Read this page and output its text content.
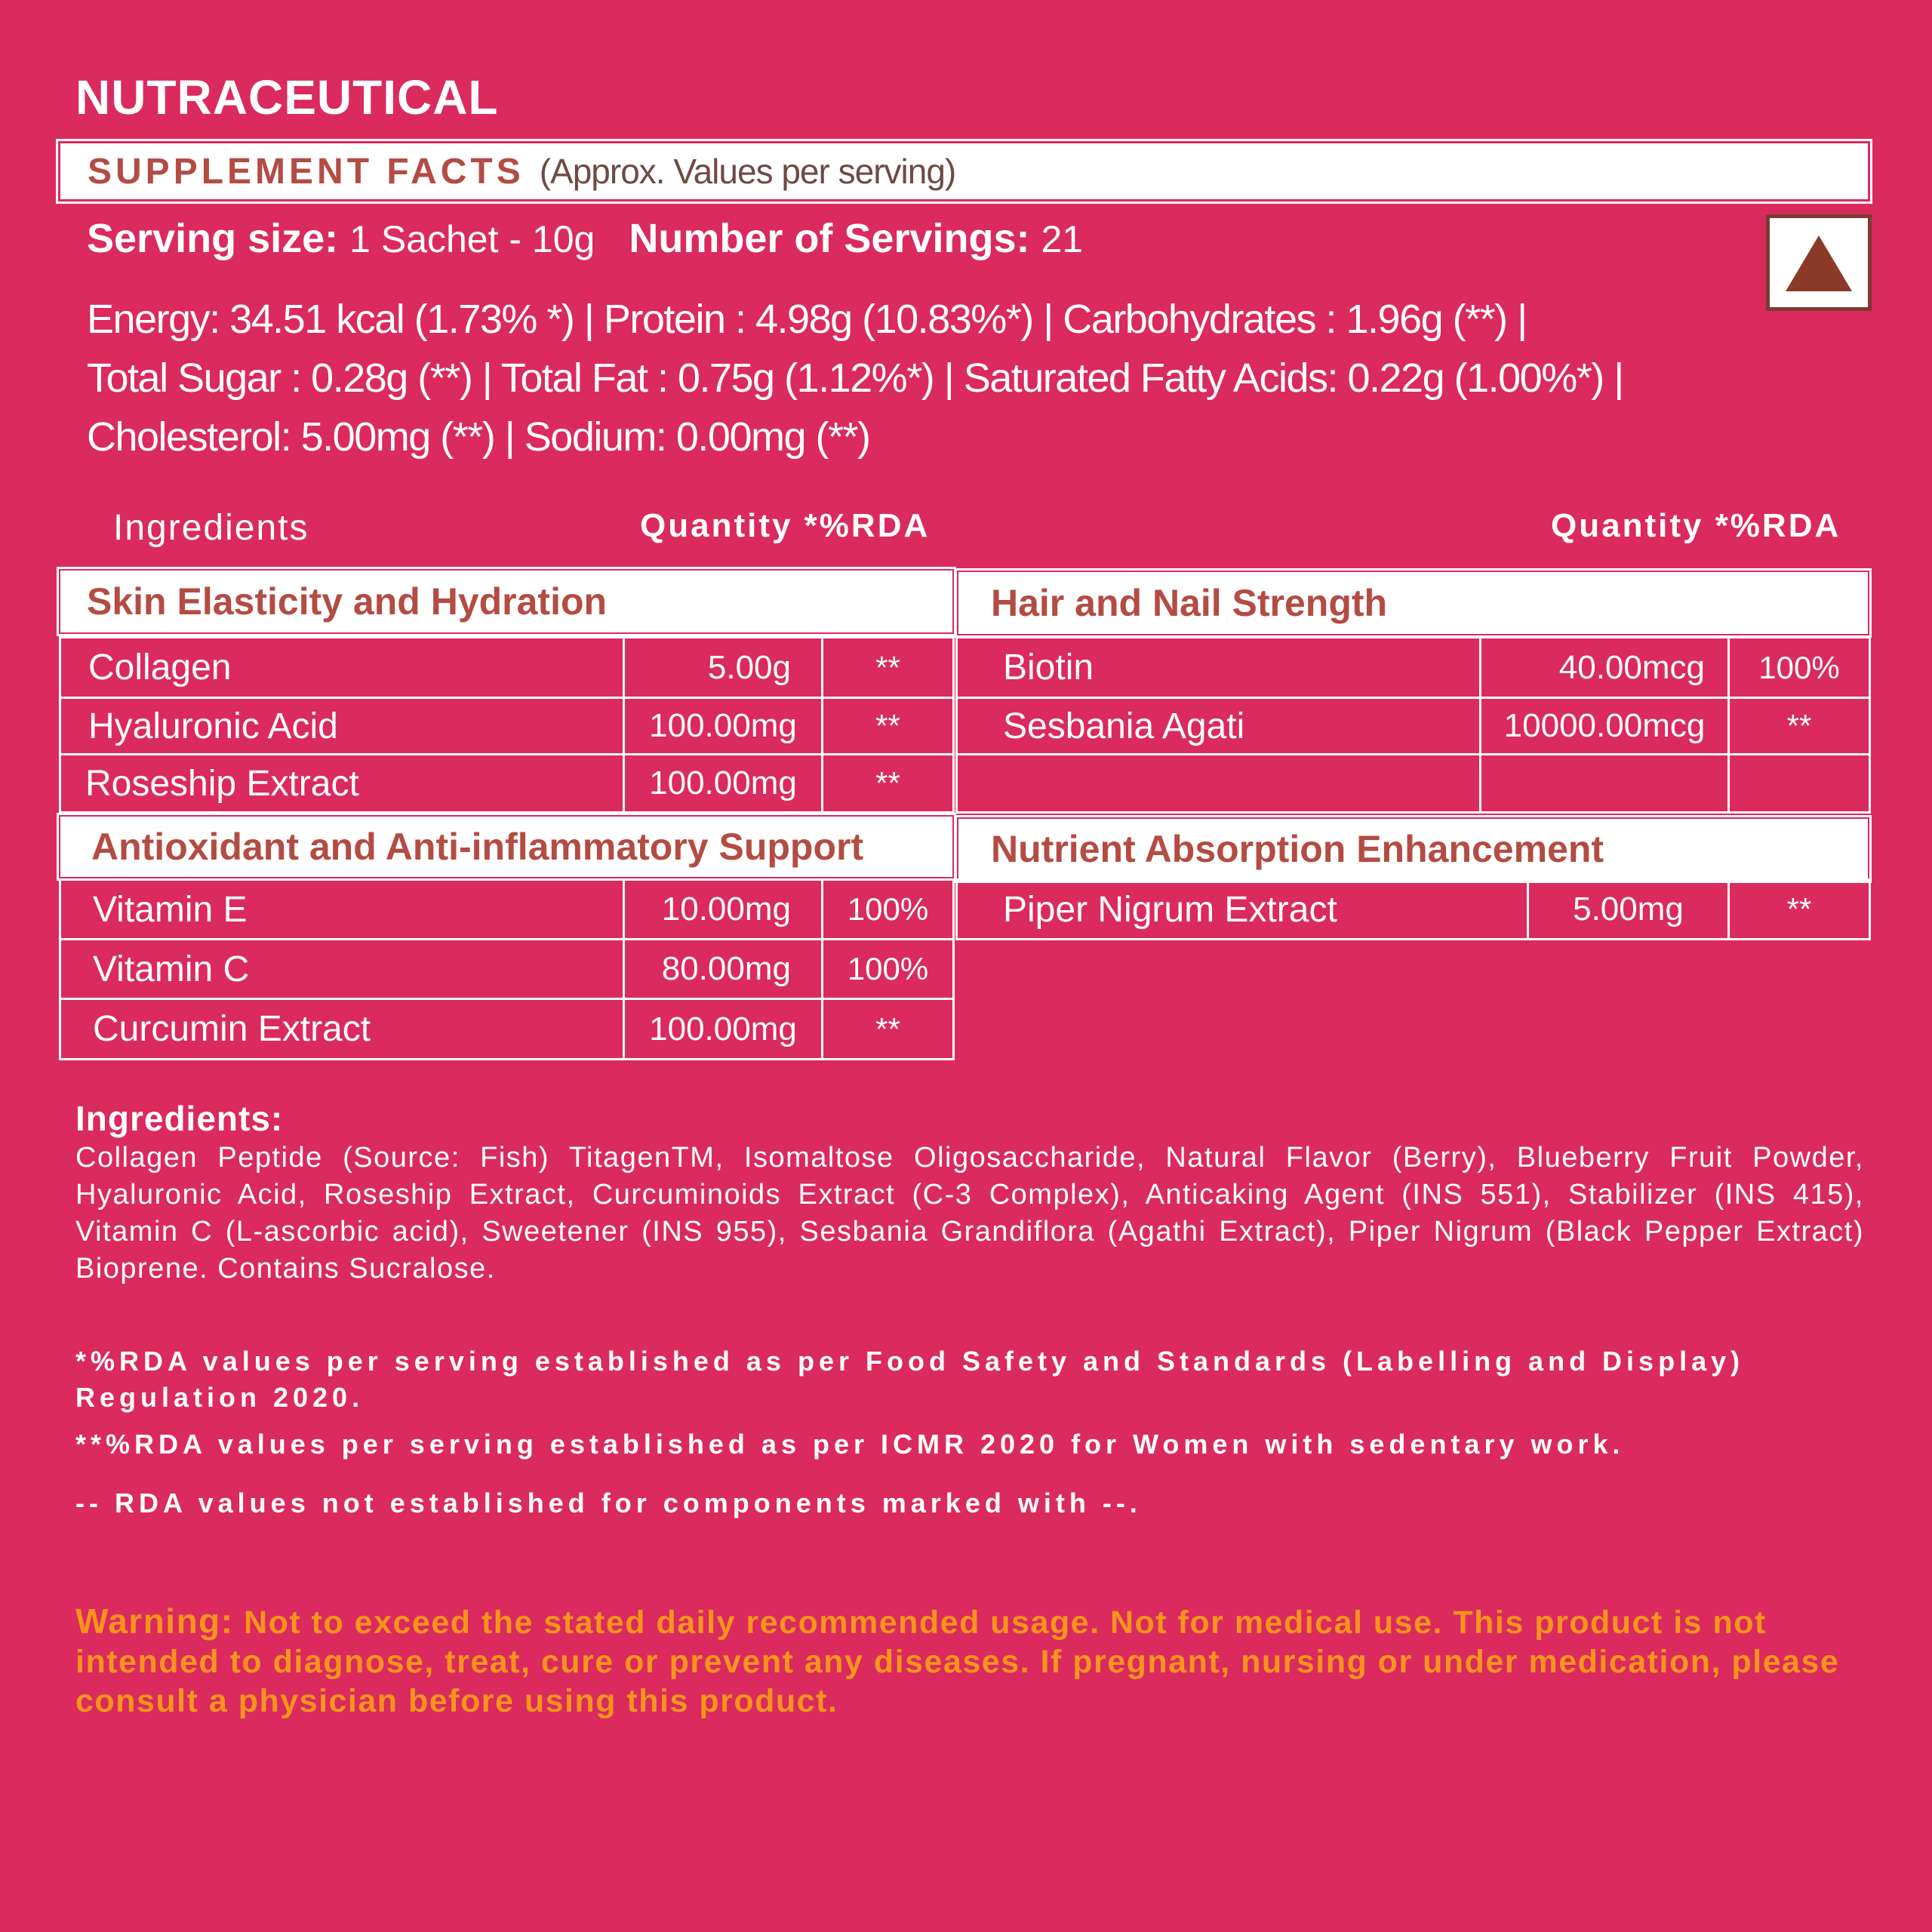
NUTRACEUTICAL
SUPPLEMENT FACTS (Approx. Values per serving)
Serving size: 1 Sachet - 10g Number of Servings: 21
Energy: 34.51 kcal (1.73% *) | Protein : 4.98g (10.83%*) | Carbohydrates : 1.96g (**) |
Total Sugar : 0.28g (**) | Total Fat : 0.75g (1.12%*) | Saturated Fatty Acids: 0.22g (1.00%*) |
Cholesterol: 5.00mg (**) | Sodium: 0.00mg (**)
Ingredients	Quantity *%RDA	Quantity *%RDA
Skin Elasticity and Hydration
Collagen	5.00g	**
Hyaluronic Acid	100.00mg	**
Roseship Extract	100.00mg	**
Antioxidant and Anti-inflammatory Support
Vitamin E	10.00mg	100%
Vitamin C	80.00mg	100%
Curcumin Extract	100.00mg	**
Hair and Nail Strength
Biotin	40.00mcg	100%
Sesbania Agati	10000.00mcg	**
Nutrient Absorption Enhancement
Piper Nigrum Extract	5.00mg	**
Ingredients:
Collagen Peptide (Source: Fish) TitagenTM, Isomaltose Oligosaccharide, Natural Flavor (Berry), Blueberry Fruit Powder, Hyaluronic Acid, Roseship Extract, Curcuminoids Extract (C-3 Complex), Anticaking Agent (INS 551), Stabilizer (INS 415), Vitamin C (L-ascorbic acid), Sweetener (INS 955), Sesbania Grandiflora (Agathi Extract), Piper Nigrum (Black Pepper Extract) Bioprene. Contains Sucralose.
*%RDA values per serving established as per Food Safety and Standards (Labelling and Display) Regulation 2020.
**%RDA values per serving established as per ICMR 2020 for Women with sedentary work.
-- RDA values not established for components marked with --.
Warning: Not to exceed the stated daily recommended usage. Not for medical use. This product is not intended to diagnose, treat, cure or prevent any diseases. If pregnant, nursing or under medication, please consult a physician before using this product.
